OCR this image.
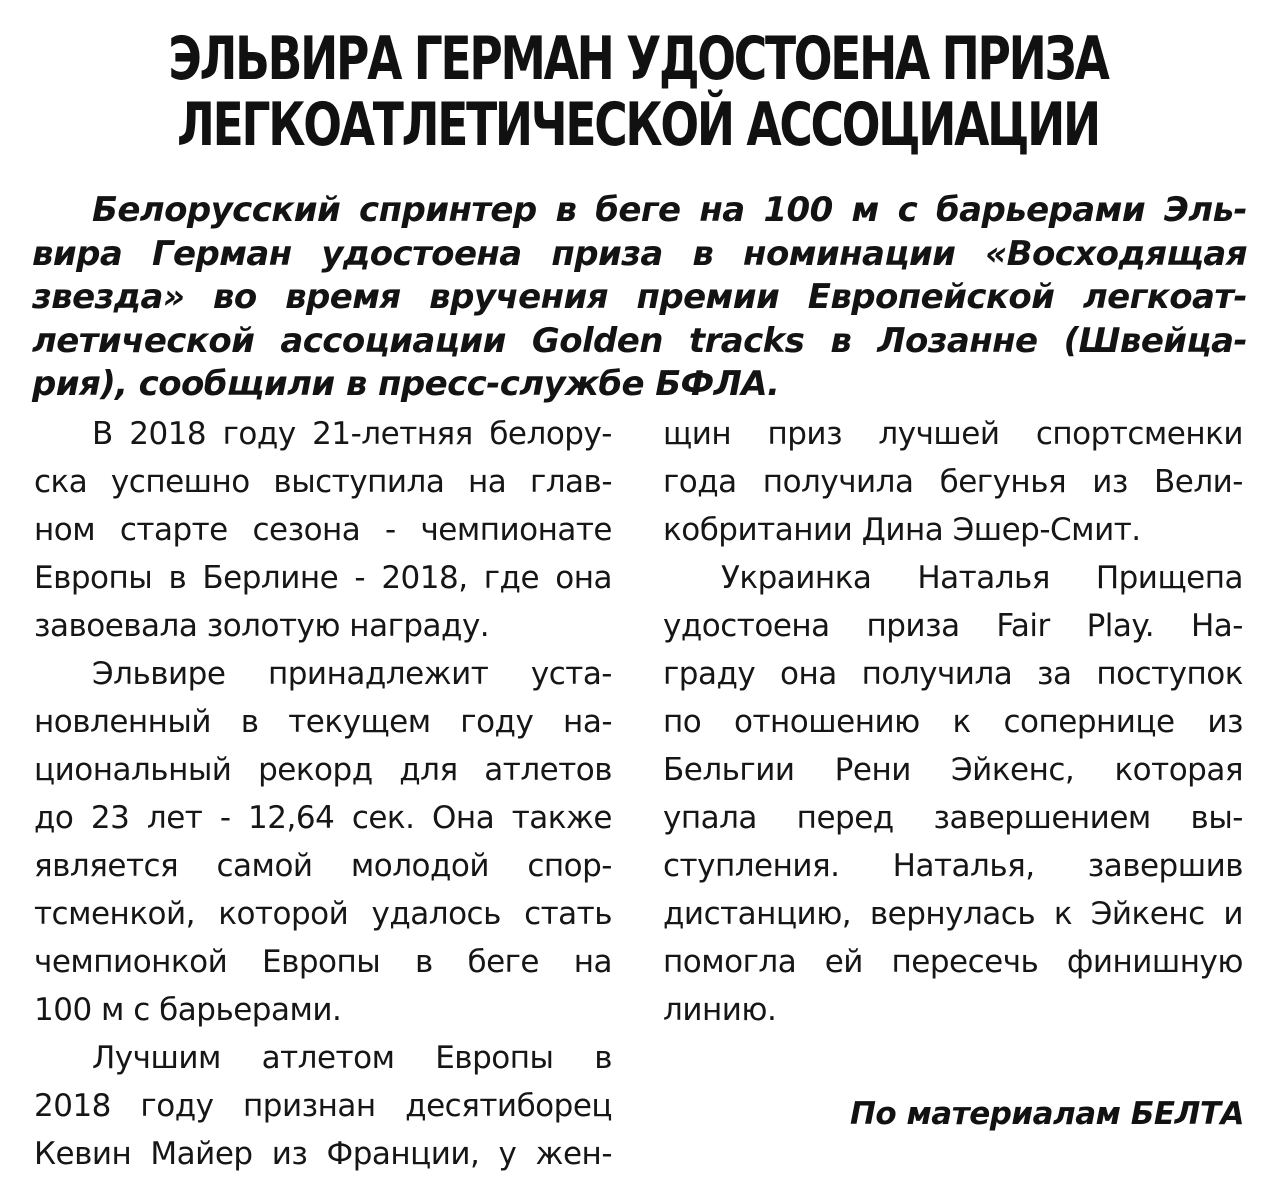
ЭЛЬВИРА ГЕРМАН УДОСТОЕНА ПРИЗА
ЛЕГКОАТЛЕТИЧЕСКОЙ АССОЦИАЦИИ
Белорусский спринтер в беге на 100 м с барьерами Эль-
вира Герман удостоена приза в номинации «Восходящая
звезда» во время вручения премии Европейской легкоат-
летической ассоциации Golden tracks в Лозанне (Швейца-
рия), сообщили в пресс-службе БФЛА.
В 2018 году 21-летняя белору-
ска успешно выступила на глав-
ном старте сезона - чемпионате
Европы в Берлине - 2018, где она
завоевала золотую награду.
Эльвире принадлежит уста-
новленный в текущем году на-
циональный рекорд для атлетов
до 23 лет - 12,64 сек. Она также
является самой молодой спор-
тсменкой, которой удалось стать
чемпионкой Европы в беге на
100 м с барьерами.
Лучшим атлетом Европы в
2018 году признан десятиборец
Кевин Майер из Франции, у жен-
щин приз лучшей спортсменки
года получила бегунья из Вели-
кобритании Дина Эшер-Смит.
Украинка Наталья Прищепа
удостоена приза Fair Play. На-
граду она получила за поступок
по отношению к сопернице из
Бельгии Рени Эйкенс, которая
упала перед завершением вы-
ступления. Наталья, завершив
дистанцию, вернулась к Эйкенс и
помогла ей пересечь финишную
линию.
По материалам БЕЛТА
